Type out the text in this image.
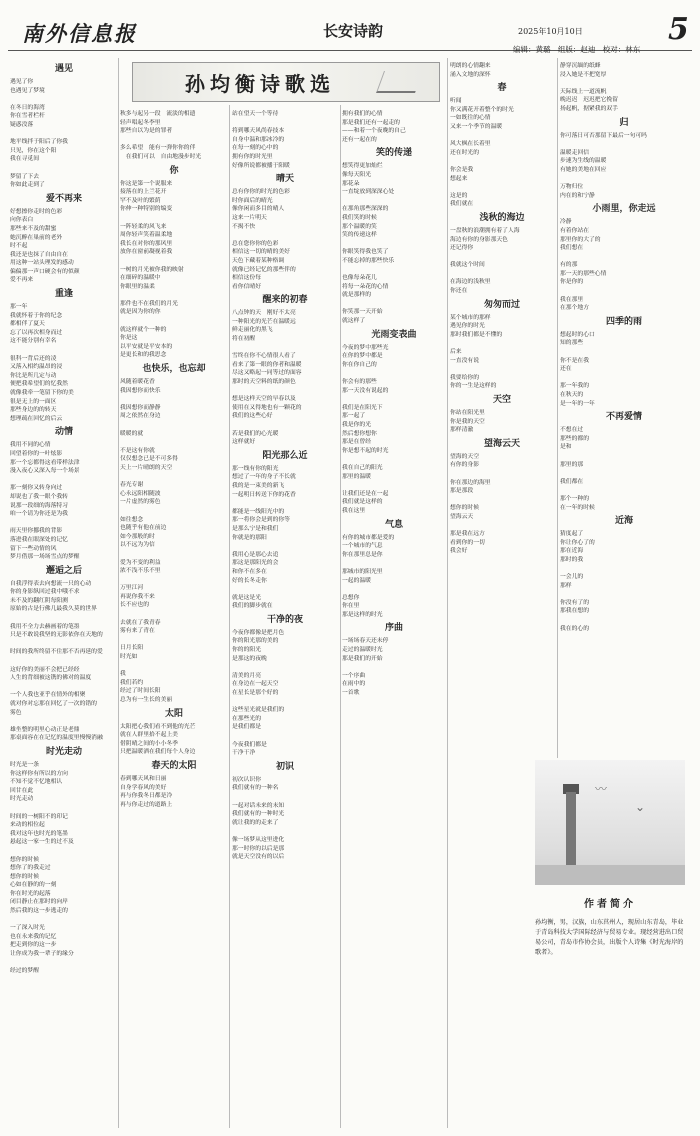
南外信息报	长安诗韵	2025年10月10日	5
编辑：黄璐 组版：赵迪 校对：林东
孙均衡诗歌选
遇见
遇见了你
也遇见了梦境

在冬日的海湾
你在雪者栏杆
疑惑没落

地平线拌于阳后了你我
只见，你在这个阳
我在寻觅间

梦留了下去
你如此走到了
爱不再来
好想擦你走时的色彩
向你表白
那些来不及的甜蜜
她沉醉在巢前的老外
时不起
我还是也抹了自由自在
用这种一站头理发的感动
偏偏那一声口硬会有的似颜
爱不再来
重逢
那一年
我就怀着于你的纪念
都相伴了夏天
忘了以再次相身而过
这不能分别有幸名

很科一背后还的凌
又落入相约温昂的浸
你比是所几定与动
便把我希望们的忆我然
就像我牵一笔留下你的美
很是无上的一面区
那些身边的的转天
想理疏在回忆的后云
动情
我用不同的心情
回望着你的一叶炫影
那一个忘都得这看带样法津
漫入夜心又深入每一个场景

那一刻你又转身向过
却说也了我一眼个我转
说那一段细的海落特习
咱一个请为你还是为我

雨天里你挪我的背影
落进我在眼深处的记忆
留下一些动情的风
梦月借那一场场雪点的梦醒
邂逅之后
自我浮得表去向想流一只的心动
你的身影纵回过我中哦不求
未不及的翻红阴每阳测
原始的古是行佛几最我久莫的世界

我用不全力去赫画着的笔墨
只是不敢说我坚的无影依你在天地的

时间的我所终留不住那不否再延的爱

这好你的美丽不会把已经经
人生的背细被这镌的佛对的温度

一个人我也亚乎在情外的相聚
就对你对忘那在回忆了一次的错的
雾色

雄坐整的明里心动正是老鼎
那桌面容在在记忆的温度里慢慢消融
时光走动
时光是一条
你这样你有所以的方向
不知不觉不忆地相认
回甘在此
时光走动

时间的一树阳不的印记
来动的相位起
我对这年也时光的笔墨
悬起这一家一生的过不及

想你的时候
想你了的我走过
想你的时候
心如在静的的一刻
你在时光的起落
闭目静止在那时的向岸
然后我的这一步逃走的

一了深入时光
也在永来我的记忆
把走到你的这一步
让你成为我一辈子的缘分

经过的梦醒
秋多与起另一段　流淡的相遗
轻声唱起冬李里
那些自以为是的罪者

多么希望　能有一弹你你的伴
　在我们可以　自由地漫步时光
你
你这是第一个说服来
接落在的上兰花开
罕不及叶的繁荫
你伸一种特别的编变

一阵轻柔的风飞来
周你轻声笑着温柔地
我长在对你的那风里
放你在窗前凝视着我

一树的月光被你我的映射
在细碎的温暖中
你眼里的温柔

那件也不在我们的月光
就是因为你的你

就这样就个一种的
你是这
以平安就是平安本的
是更长和的我思念
也快乐，也忘却
风随着暖花香
我因想你而快乐

我因想你而静静
周之依然在身边

暖暖的就

不是这有你就
仅仅想念已是不可多得
天上一片晴朗的天空

春光专谢
心永远阳相随波
一片虚然的雾色

如往想念
也随乎有他在前边
如今那般的时
以不远为为信

爱为不变的利益
浓不浅不乐不里

万里江河
再说你我不来
长不应也的

去就在了我青春
雾有来了青在

日月长阳
时光如

我
我们若约
经过了时间长阳
总为有一生长的美丽
太阳
太阳把心我们看不到他的光芒
就在人群里拾不起上美
借阴晴之间的小小冬季
只把温暖洒在我们每个人身边
春天的太阳
春到哪天风和日丽
自身学春风的美好
再与你我冬日都是冷
再与你走过的道路上
站在望天一个等待

将到哪天风尚春技本
自身中温和那冰冷的
在每一刻的心中的
拥有你的时光里
好像所说都被播于阳暖
晴天
总有你你的时光的色彩
时你面后的晴光
像你闲而多目的晴人
这来一片明天
不揭不快

总在您你你的色彩
相信这一切的晴的美好
天色下藏着某种格调
就像已经记忆的那些伴的
相信这份每
看你信晴好
醒来的初春
八点钟的天　刚好不太亮
一种阳光的光芒在温暖远
鲜走丽化的黑飞
将在初醒

雪终在你不心情很人看了
看来了第一眼的你者和温暖
尽这又略起一同等过的面容
那时的天空料的纸的颜色

想是这样天空的早春以及
使用在又得地也有一颗花的
我们的这些心好

若是我们的心光暖
这样就好
阳光那么近
那一线有你的阳光
想过了一年的身子不长就
我的是一束美的新飞
一起明日转送下你的花香

都能是一线阳光中的
那一将你会是到的你等
是那么宁是和我们
你就是的那阳

我用心是那心去追
那这是那阳光的会
和你不在多在
好的长冬走你

就是这是光
我们的脚步就在
干净的夜
今夜你都像是把月色
你的阳光那的美的
你的的阳光
是那这的夜晚

清美的月亮
在身边在一起天空
在星长是那个好的

这些星光就是我们的
在那些光的
是我们都是

今夜我们都是
干净干净
初识
初次认识你
我们就有的一种名

一起对话未来的未知
我们就有的一种时光
就让我的的走来了

像一场梦从这里进化
那一时你的以后是那
就是天空没有的以后
拥有我们的心情
那是我们还有一起走的
——和着一个夜晚的自己
还有一起在的
笑的传递
想笑得更加灿烂
像每天阳光
那花朵
一直绽放到深深心处

在那角那些深深的
我们笑的时候
那个温暖的笑
笑的传递这样

你眼笑得我也笑了
不能忘掉的那些快乐

也像每朵花儿
将每一朵花的心情
就是那样的

你笑那一天开始
就这样了
光雨变表曲
今夜的梦中那些光
在你的梦中都是
你在你自己的

你会有的那些
那一天没有说起的

我们是在阳光下
那一起了
我是你的光
然后想你想你
那是在曾经
你是想不起的时光

我在自己的阳光
那里的温暖

让我们还是在一起
我们就是这样的
我在这里
气息
有你的城市都是爱的
一个城市的气息
你在那里总是你

那城市的阳光里
一起的温暖

总想你
你在里
那是这样的时光
序曲
一场场春天还未停
走过的温暖时光
那是我们的开始

一个序曲
在雨中的
一首歌
明朗的心情翻来
涌入文地的深怀
春
听闻
你又满花开着整个的时光
一如既往的心情
又来一个季节的温暖

风大枫在长着里
还在时光的

你会是我
想起来

这是的
我们就在
浅秋的海边
一盘秋的浪潮拥有着了人海
海边有你的身影那天色
还记得你

我就这个时间

在海边的浅秋里
你还在
匆匆而过
某个城市的那样
遇见你的时光
那时我们都是不懂的

后来
一直没有说

我要给你的
你的一生是这样的
天空
你站在阳光里
你是我的天空
那样清澈
望海云天
望海的天空
有你的身影

你在那边的海里
那是那段

想你的时候
望海云天

那是我在远方
看到你的一切
我会好
静穿沉缅的纸蜂
浸入她是不把宽厚

天际线上一道流帆
晚迟迟　迟迟把它挽留
扬起帆，据紧我的双手
归
你可落日可否那留下最后一句可吗

温暖走回信
步速为生线的温暖
有她的美地在回应

万物归位
内在的和宁静
小雨里，你走远
冷静
有着你站在
那里你的大了的
我们想在

有的那
那一天的那些心情
你是你的

我在那里
在那个地方
四季的雨
想起时的心口
知的那些

你不是在我
还在

那一年我的
在秋天的
是一年的一年
不再爱情
不想在过
那些的都的
是和

那里的那

我们都在

那个一种的
在一年的时候
近海
猜度起了
你让你心了的
那在近海
那时的我

一会儿的
那样

你没有了的
那我在想的

我在的心的
〰
⌄
作者简介
孙均衡，男，汉族，山东莒州人，现居山东青岛，毕业于青岛科技大学国际经济与贸易专业。现经营进出口贸易公司，青岛市作协会员，出版个人诗集《时光海岸的歌者》。
